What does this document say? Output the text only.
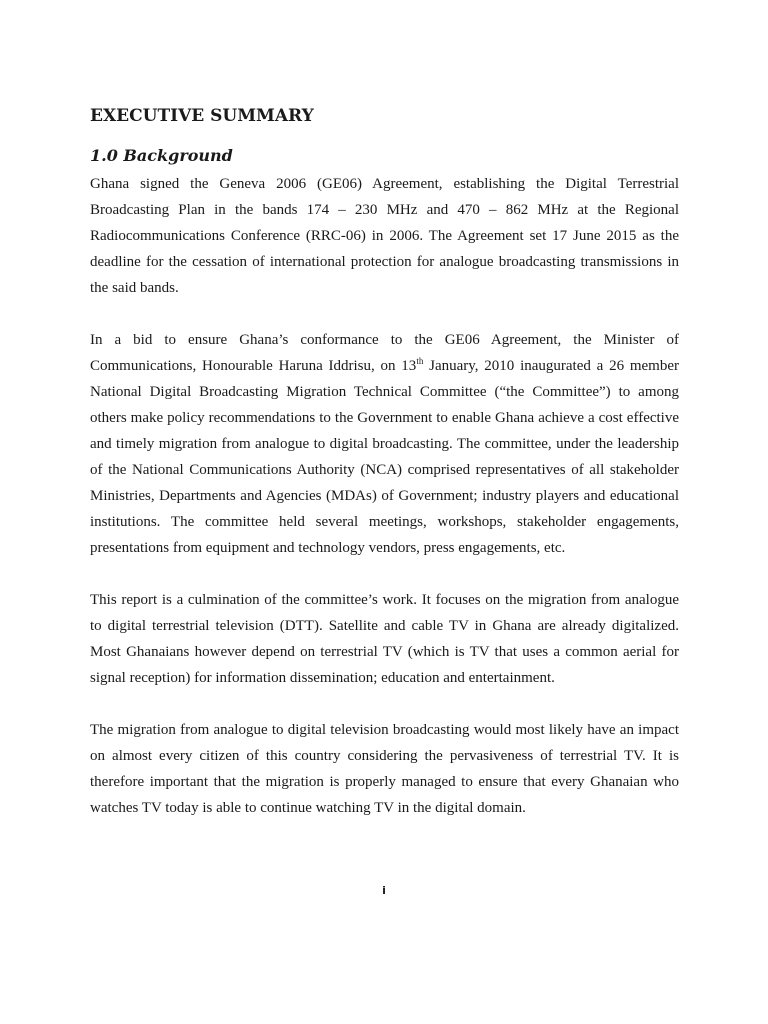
EXECUTIVE SUMMARY
1.0 Background

Ghana signed the Geneva 2006 (GE06) Agreement, establishing the Digital Terrestrial Broadcasting Plan in the bands 174 – 230 MHz and 470 – 862 MHz at the Regional Radiocommunications Conference (RRC-06) in 2006. The Agreement set 17 June 2015 as the deadline for the cessation of international protection for analogue broadcasting transmissions in the said bands.

In a bid to ensure Ghana’s conformance to the GE06 Agreement, the Minister of Communications, Honourable Haruna Iddrisu, on 13th January, 2010 inaugurated a 26 member National Digital Broadcasting Migration Technical Committee (“the Committee”) to among others make policy recommendations to the Government to enable Ghana achieve a cost effective and timely migration from analogue to digital broadcasting. The committee, under the leadership of the National Communications Authority (NCA) comprised representatives of all stakeholder Ministries, Departments and Agencies (MDAs) of Government; industry players and educational institutions. The committee held several meetings, workshops, stakeholder engagements, presentations from equipment and technology vendors, press engagements, etc.

This report is a culmination of the committee’s work. It focuses on the migration from analogue to digital terrestrial television (DTT). Satellite and cable TV in Ghana are already digitalized. Most Ghanaians however depend on terrestrial TV (which is TV that uses a common aerial for signal reception) for information dissemination; education and entertainment.

The migration from analogue to digital television broadcasting would most likely have an impact on almost every citizen of this country considering the pervasiveness of terrestrial TV. It is therefore important that the migration is properly managed to ensure that every Ghanaian who watches TV today is able to continue watching TV in the digital domain.

i
